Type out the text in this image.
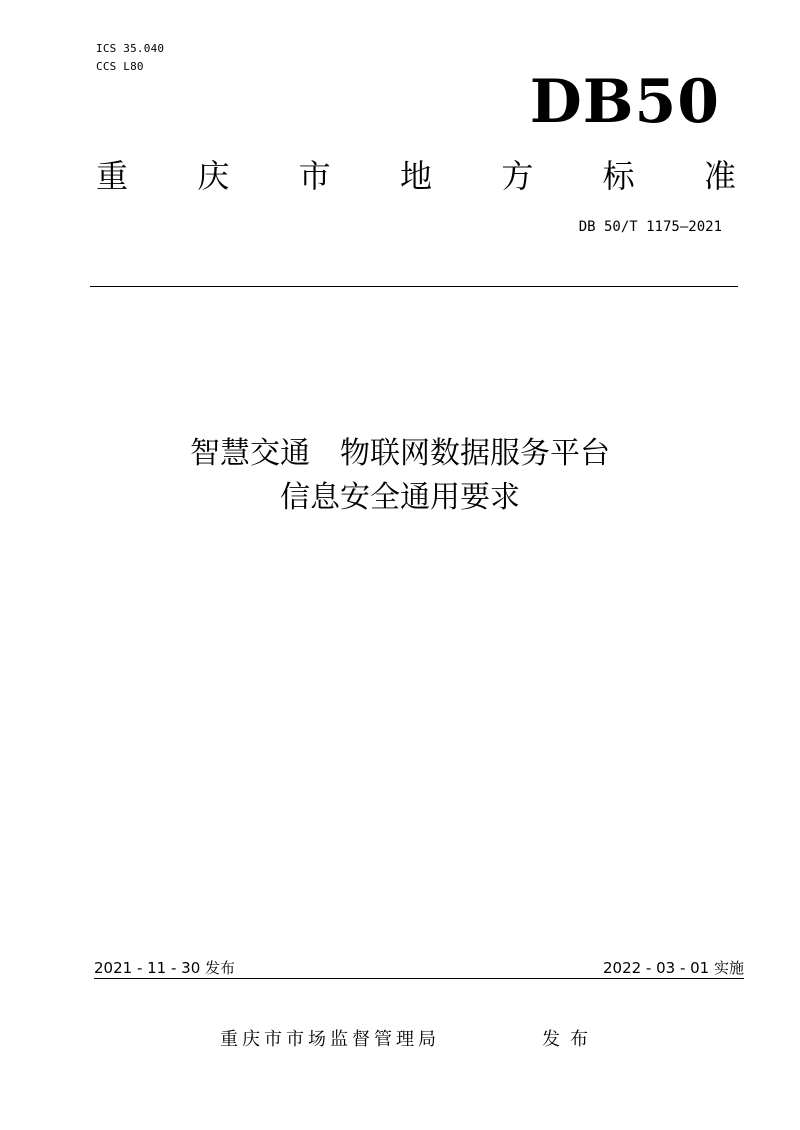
ICS 35.040
CCS L80
DB50
重 庆 市 地 方 标 准
DB 50/T 1175—2021
智慧交通　物联网数据服务平台
信息安全通用要求
2021 - 11 - 30 发布	2022 - 03 - 01 实施
重庆市市场监督管理局	发布
